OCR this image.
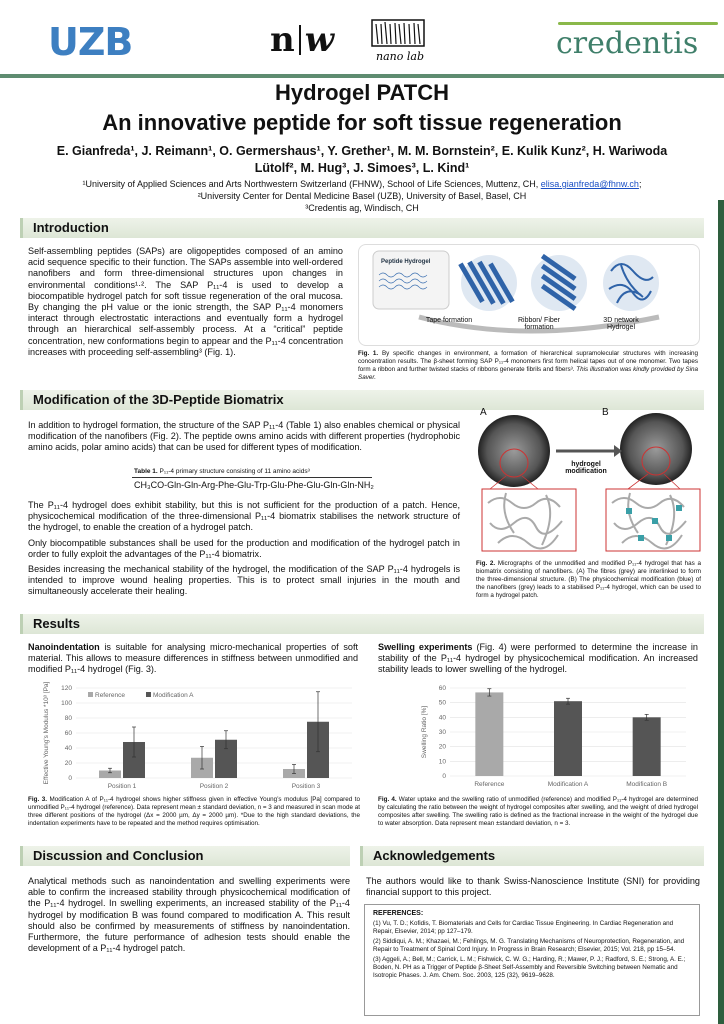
UZB	n w	nano lab	credentis
Hydrogel PATCH
An innovative peptide for soft tissue regeneration
E. Gianfreda¹, J. Reimann¹, O. Germershaus¹, Y. Grether¹, M. M. Bornstein², E. Kulik Kunz², H. Wariwoda
Lütolf², M. Hug³, J. Simoes³, L. Kind¹
¹University of Applied Sciences and Arts Northwestern Switzerland (FHNW), School of Life Sciences, Muttenz, CH, elisa.gianfreda@fhnw.ch;
²University Center for Dental Medicine Basel (UZB), University of Basel, Basel, CH
³Credentis ag, Windisch, CH
Introduction
Self-assembling peptides (SAPs) are oligopeptides composed of an amino acid sequence specific to their function. The SAPs assemble into well-ordered nanofibers and form three-dimensional structures upon changes in environmental conditions¹·². The SAP P₁₁-4 is used to develop a biocompatible hydrogel patch for soft tissue regeneration of the oral mucosa. By changing the pH value or the ionic strength, the SAP P₁₁-4 monomers interact through electrostatic interactions and eventually form a hydrogel through an hierarchical self-assembly process. At a “critical” peptide concentration, new conformations begin to appear and the P₁₁-4 concentration increases with proceeding self-assembling³ (Fig. 1).
Peptide Hydrogel
Tape formation	Ribbon/ Fiber formation
3D network Hydrogel
Fig. 1. By specific changes in environment, a formation of hierarchical supramolecular structures with increasing concentration results. The β-sheet forming SAP P₁₁-4 monomers first form helical tapes out of one monomer. Two tapes form a ribbon and further twisted stacks of ribbons generate fibrils and fibers³. This illustration was kindly provided by Sina Saver.
Modification of the 3D-Peptide Biomatrix
In addition to hydrogel formation, the structure of the SAP P₁₁-4 (Table 1) also enables chemical or physical modification of the nanofibers (Fig. 2). The peptide owns amino acids with different properties (hydrophobic amino acids, polar amino acids) that can be used for different types of modification.
Table 1. P₁₁-4 primary structure consisting of 11 amino acids³
CH₃CO-Gln-Gln-Arg-Phe-Glu-Trp-Glu-Phe-Glu-Gln-Gln-NH₂
The P₁₁-4 hydrogel does exhibit stability, but this is not sufficient for the production of a patch. Hence, physicochemical modification of the three-dimensional P₁₁-4 biomatrix stabilises the network structure of the hydrogel, to enable the creation of a hydrogel patch.
Only biocompatible substances shall be used for the production and modification of the hydrogel patch in order to fully exploit the advantages of the P₁₁-4 biomatrix.
Besides increasing the mechanical stability of the hydrogel, the modification of the SAP P₁₁-4 hydrogels is intended to improve wound healing properties. This is to protect small injuries in the mouth and simultaneously accelerate their healing.
A	B
hydrogel modification
Fig. 2. Micrographs of the unmodified and modified P₁₁-4 hydrogel that has a biomatrix consisting of nanofibers. (A) The fibres (grey) are interlinked to form the three-dimensional structure. (B) The physicochemical modification (blue) of the nanofibers (grey) leads to a stabilised P₁₁-4 hydrogel, which can be used to form a hydrogel patch.
Results
Nanoindentation is suitable for analysing micro-mechanical properties of soft material. This allows to measure differences in stiffness between unmodified and modified P₁₁-4 hydrogel (Fig. 3).
Swelling experiments (Fig. 4) were performed to determine the increase in stability of the P₁₁-4 hydrogel by physicochemical modification. An increased stability leads to lower swelling of the hydrogel.
0
20
40
60
80
100
120
Effective Young's Modulus *10³ [Pa]
Position 1	Position 2	Position 3
Reference	Modification A
Fig. 3. Modification A of P₁₁-4 hydrogel shows higher stiffness given in effective Young’s modulus [Pa] compared to unmodified P₁₁-4 hydrogel (reference). Data represent mean ± standard deviation, n = 3 and measured in scan mode at three different positions of the hydrogel (Δx = 2000 µm, Δy = 2000 µm). *Due to the high standard deviations, the indentation experiments have to be repeated and the method requires optimisation.
0
10
20
30
40
50
60
Swelling Ratio [%]
Reference	Modification A	Modification B
Fig. 4. Water uptake and the swelling ratio of unmodified (reference) and modified P₁₁-4 hydrogel are determined by calculating the ratio between the weight of hydrogel composites after swelling, and the weight of dried hydrogel composites after swelling. The swelling ratio is defined as the fractional increase in the weight of the hydrogel due to water absorption. Data represent mean ±standard deviation, n = 3.
Discussion and Conclusion
Analytical methods such as nanoindentation and swelling experiments were able to confirm the increased stability through physicochemical modification of the P₁₁-4 hydrogel. In swelling experiments, an increased stability of the P₁₁-4 hydrogel by modification B was found compared to modification A. This result should also be confirmed by measurements of stiffness by nanoindentation. Furthermore, the future performance of adhesion tests should enable the development of a P₁₁-4 hydrogel patch.
Acknowledgements
The authors would like to thank Swiss-Nanoscience Institute (SNI) for providing financial support to this project.
REFERENCES:
(1) Vu, T. D.; Kofidis, T. Biomaterials and Cells for Cardiac Tissue Engineering. In Cardiac Regeneration and Repair, Elsevier, 2014; pp 127–179.
(2) Siddiqui, A. M.; Khazaei, M.; Fehlings, M. G. Translating Mechanisms of Neuroprotection, Regeneration, and Repair to Treatment of Spinal Cord Injury. In Progress in Brain Research; Elsevier, 2015; Vol. 218, pp 15–54.
(3) Aggeli, A.; Bell, M.; Carrick, L. M.; Fishwick, C. W. G.; Harding, R.; Mawer, P. J.; Radford, S. E.; Strong, A. E.; Boden, N. PH as a Trigger of Peptide β-Sheet Self-Assembly and Reversible Switching between Nematic and Isotropic Phases. J. Am. Chem. Soc. 2003, 125 (32), 9619–9628.
